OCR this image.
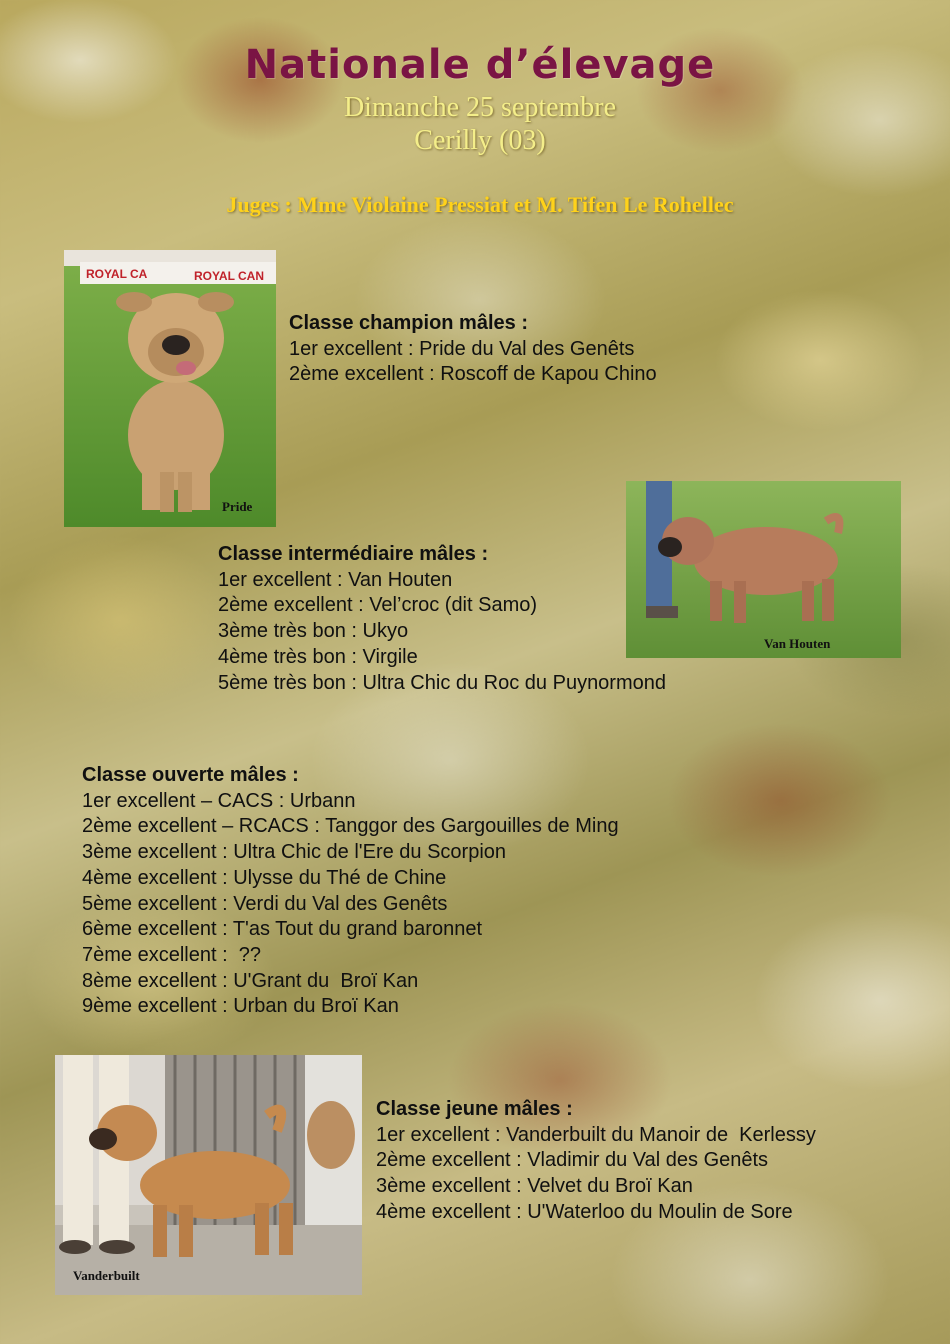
Nationale d’élevage
Dimanche 25 septembre
Cerilly (03)
Juges : Mme Violaine Pressiat et M. Tifen Le Rohellec
ROYAL CA	ROYAL CAN
Pride
Van Houten
Vanderbuilt
Classe champion mâles :
1er excellent : Pride du Val des Genêts
2ème excellent : Roscoff de Kapou Chino
Classe intermédiaire mâles :
1er excellent : Van Houten
2ème excellent : Vel’croc (dit Samo)
3ème très bon : Ukyo
4ème très bon : Virgile
5ème très bon : Ultra Chic du Roc du Puynormond
Classe ouverte mâles :
1er excellent – CACS : Urbann
2ème excellent – RCACS : Tanggor des Gargouilles de Ming
3ème excellent : Ultra Chic de l'Ere du Scorpion
4ème excellent : Ulysse du Thé de Chine
5ème excellent : Verdi du Val des Genêts
6ème excellent : T'as Tout du grand baronnet
7ème excellent :  ??
8ème excellent : U'Grant du  Broï Kan
9ème excellent : Urban du Broï Kan
Classe jeune mâles :
1er excellent : Vanderbuilt du Manoir de  Kerlessy
2ème excellent : Vladimir du Val des Genêts
3ème excellent : Velvet du Broï Kan
4ème excellent : U'Waterloo du Moulin de Sore
